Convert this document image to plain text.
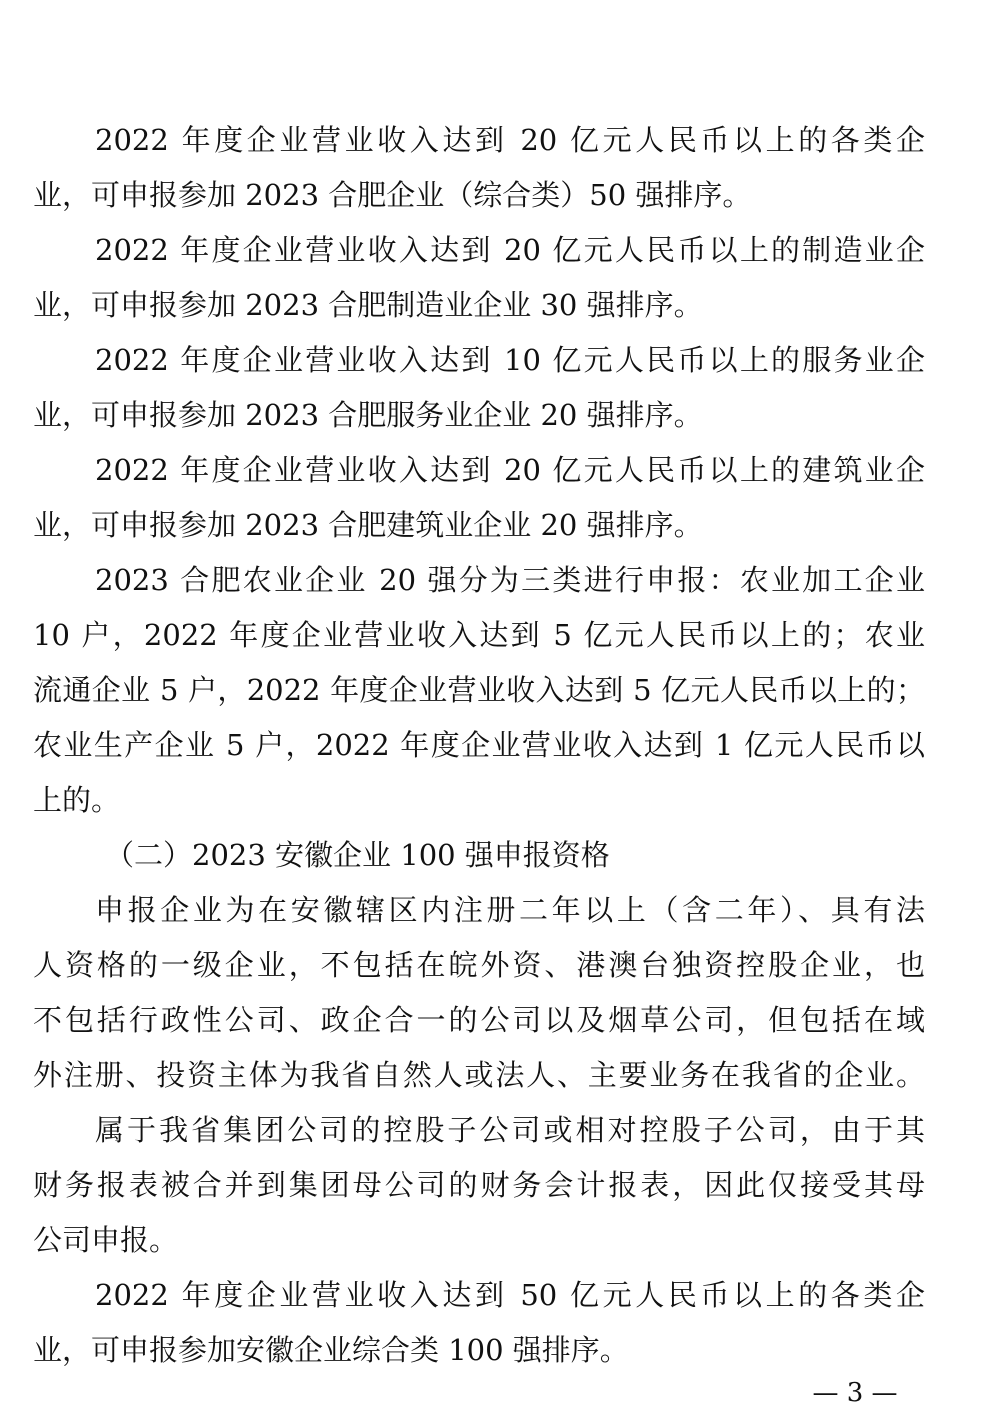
2022 年度企业营业收入达到 20 亿元人民币以上的各类企
业，可申报参加 2023 合肥企业（综合类）50 强排序。
2022 年度企业营业收入达到 20 亿元人民币以上的制造业企
业，可申报参加 2023 合肥制造业企业 30 强排序。
2022 年度企业营业收入达到 10 亿元人民币以上的服务业企
业，可申报参加 2023 合肥服务业企业 20 强排序。
2022 年度企业营业收入达到 20 亿元人民币以上的建筑业企
业，可申报参加 2023 合肥建筑业企业 20 强排序。
2023 合肥农业企业 20 强分为三类进行申报：农业加工企业
10 户，2022 年度企业营业收入达到 5 亿元人民币以上的；农业
流通企业 5 户，2022 年度企业营业收入达到 5 亿元人民币以上的；
农业生产企业 5 户，2022 年度企业营业收入达到 1 亿元人民币以
上的。
（二）2023 安徽企业 100 强申报资格
申报企业为在安徽辖区内注册二年以上（含二年）、具有法
人资格的一级企业，不包括在皖外资、港澳台独资控股企业，也
不包括行政性公司、政企合一的公司以及烟草公司，但包括在域
外注册、投资主体为我省自然人或法人、主要业务在我省的企业。
属于我省集团公司的控股子公司或相对控股子公司，由于其
财务报表被合并到集团母公司的财务会计报表，因此仅接受其母
公司申报。
2022 年度企业营业收入达到 50 亿元人民币以上的各类企
业，可申报参加安徽企业综合类 100 强排序。
— 3 —
